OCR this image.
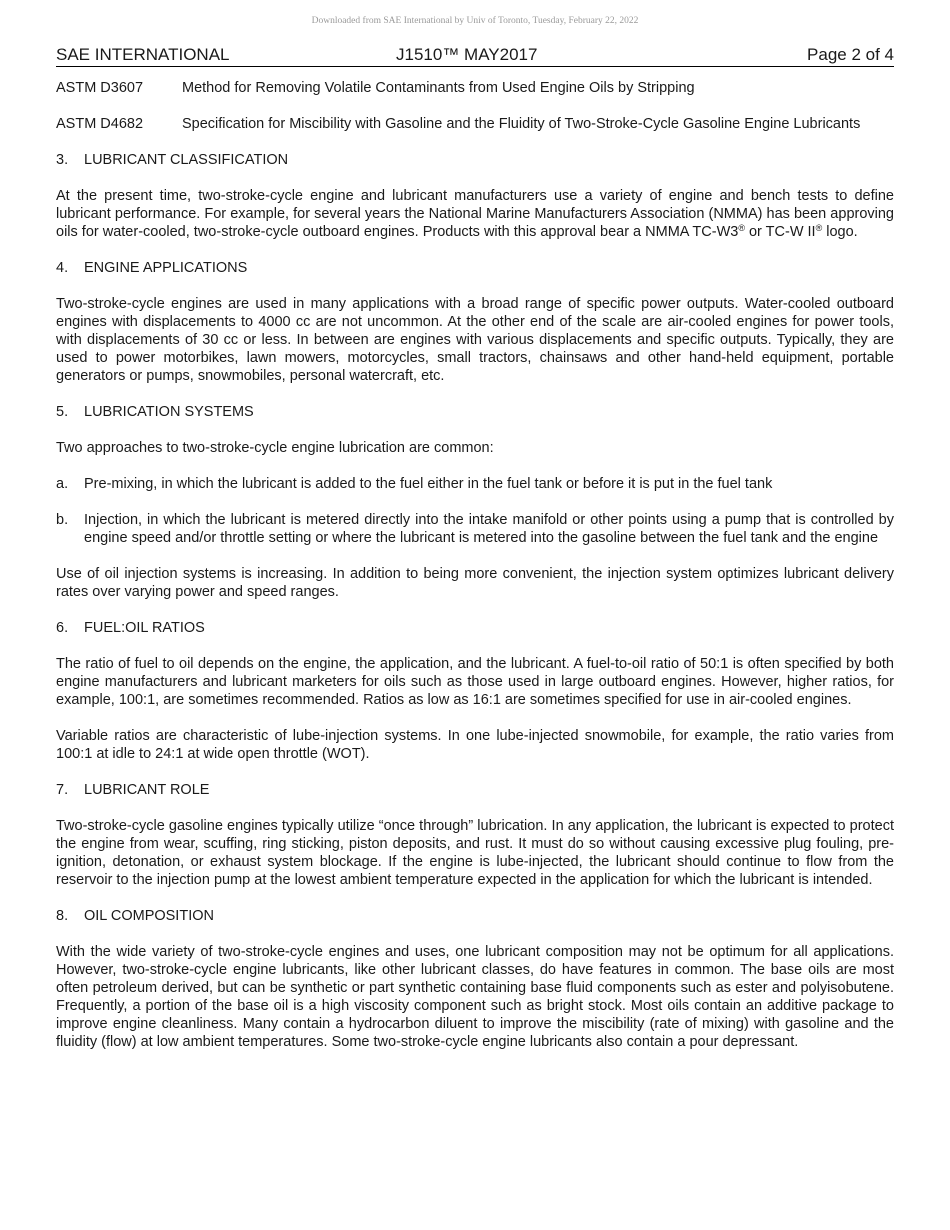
Downloaded from SAE International by Univ of Toronto, Tuesday, February 22, 2022
SAE INTERNATIONAL	J1510™ MAY2017	Page 2 of 4
ASTM D3607	Method for Removing Volatile Contaminants from Used Engine Oils by Stripping
ASTM D4682	Specification for Miscibility with Gasoline and the Fluidity of Two-Stroke-Cycle Gasoline Engine Lubricants
3. LUBRICANT CLASSIFICATION

At the present time, two-stroke-cycle engine and lubricant manufacturers use a variety of engine and bench tests to define lubricant performance. For example, for several years the National Marine Manufacturers Association (NMMA) has been approving oils for water-cooled, two-stroke-cycle outboard engines. Products with this approval bear a NMMA TC-W3® or TC-W II® logo.

4. ENGINE APPLICATIONS

Two-stroke-cycle engines are used in many applications with a broad range of specific power outputs. Water-cooled outboard engines with displacements to 4000 cc are not uncommon. At the other end of the scale are air-cooled engines for power tools, with displacements of 30 cc or less. In between are engines with various displacements and specific outputs. Typically, they are used to power motorbikes, lawn mowers, motorcycles, small tractors, chainsaws and other hand-held equipment, portable generators or pumps, snowmobiles, personal watercraft, etc.

5. LUBRICATION SYSTEMS

Two approaches to two-stroke-cycle engine lubrication are common:

a.	Pre-mixing, in which the lubricant is added to the fuel either in the fuel tank or before it is put in the fuel tank
b.	Injection, in which the lubricant is metered directly into the intake manifold or other points using a pump that is controlled by engine speed and/or throttle setting or where the lubricant is metered into the gasoline between the fuel tank and the engine

Use of oil injection systems is increasing. In addition to being more convenient, the injection system optimizes lubricant delivery rates over varying power and speed ranges.

6. FUEL:OIL RATIOS

The ratio of fuel to oil depends on the engine, the application, and the lubricant. A fuel-to-oil ratio of 50:1 is often specified by both engine manufacturers and lubricant marketers for oils such as those used in large outboard engines. However, higher ratios, for example, 100:1, are sometimes recommended. Ratios as low as 16:1 are sometimes specified for use in air-cooled engines.

Variable ratios are characteristic of lube-injection systems. In one lube-injected snowmobile, for example, the ratio varies from 100:1 at idle to 24:1 at wide open throttle (WOT).

7. LUBRICANT ROLE

Two-stroke-cycle gasoline engines typically utilize “once through” lubrication. In any application, the lubricant is expected to protect the engine from wear, scuffing, ring sticking, piston deposits, and rust. It must do so without causing excessive plug fouling, pre-ignition, detonation, or exhaust system blockage. If the engine is lube-injected, the lubricant should continue to flow from the reservoir to the injection pump at the lowest ambient temperature expected in the application for which the lubricant is intended.

8. OIL COMPOSITION

With the wide variety of two-stroke-cycle engines and uses, one lubricant composition may not be optimum for all applications. However, two-stroke-cycle engine lubricants, like other lubricant classes, do have features in common. The base oils are most often petroleum derived, but can be synthetic or part synthetic containing base fluid components such as ester and polyisobutene. Frequently, a portion of the base oil is a high viscosity component such as bright stock. Most oils contain an additive package to improve engine cleanliness. Many contain a hydrocarbon diluent to improve the miscibility (rate of mixing) with gasoline and the fluidity (flow) at low ambient temperatures. Some two-stroke-cycle engine lubricants also contain a pour depressant.
